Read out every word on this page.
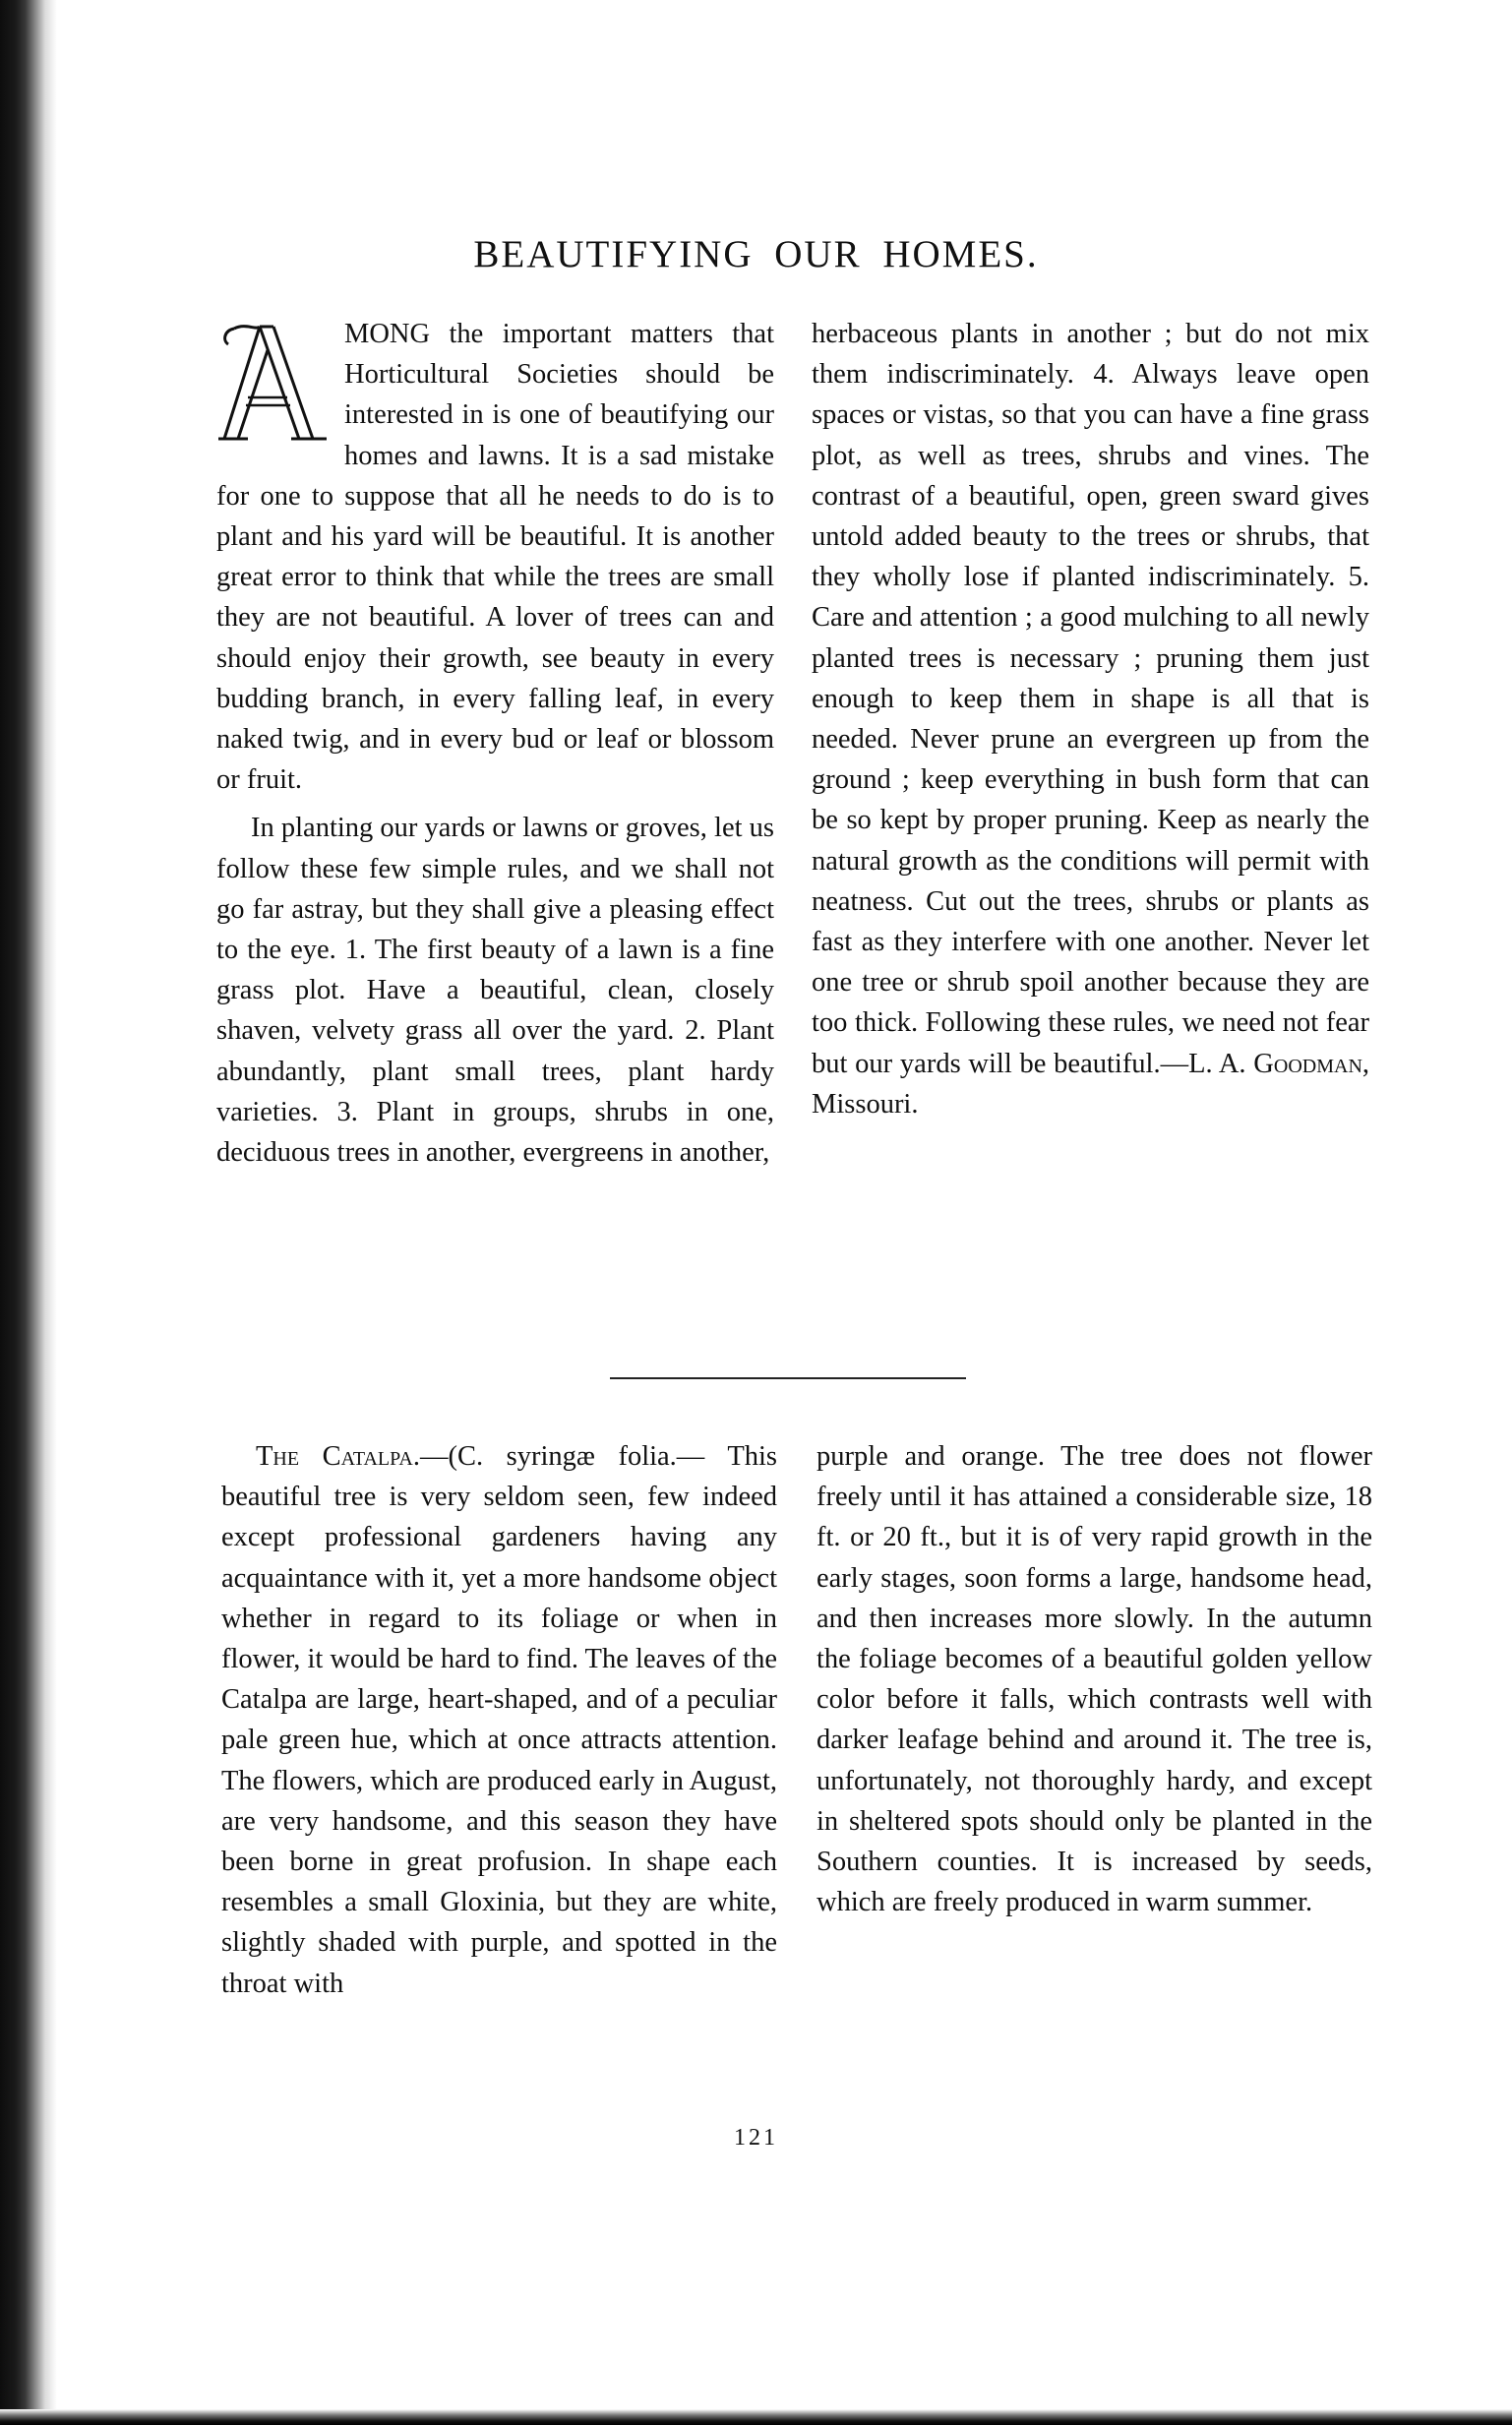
BEAUTIFYING OUR HOMES.

A	MONG the important matters that Horticultural Societies should be interested in is one of beautifying our homes and lawns. It is a sad mistake for one to suppose that all he needs to do is to plant and his yard will be beautiful. It is another great error to think that while the trees are small they are not beautiful. A lover of trees can and should enjoy their growth, see beauty in every budding branch, in every falling leaf, in every naked twig, and in every bud or leaf or blossom or fruit.

In planting our yards or lawns or groves, let us follow these few simple rules, and we shall not go far astray, but they shall give a pleasing effect to the eye. 1. The first beauty of a lawn is a fine grass plot. Have a beautiful, clean, closely shaven, velvety grass all over the yard. 2. Plant abundantly, plant small trees, plant hardy varieties. 3. Plant in groups, shrubs in one, deciduous trees in another, evergreens in another,

herbaceous plants in another ; but do not mix them indiscriminately. 4. Always leave open spaces or vistas, so that you can have a fine grass plot, as well as trees, shrubs and vines. The contrast of a beautiful, open, green sward gives untold added beauty to the trees or shrubs, that they wholly lose if planted indiscriminately. 5. Care and attention ; a good mulching to all newly planted trees is necessary ; pruning them just enough to keep them in shape is all that is needed. Never prune an evergreen up from the ground ; keep everything in bush form that can be so kept by proper pruning. Keep as nearly the natural growth as the conditions will permit with neatness. Cut out the trees, shrubs or plants as fast as they interfere with one another. Never let one tree or shrub spoil another because they are too thick. Following these rules, we need not fear but our yards will be beautiful.—L. A. Goodman, Missouri.

The Catalpa.—(C. syringæ folia.— This beautiful tree is very seldom seen, few indeed except professional gardeners having any acquaintance with it, yet a more handsome object whether in regard to its foliage or when in flower, it would be hard to find. The leaves of the Catalpa are large, heart-shaped, and of a peculiar pale green hue, which at once attracts attention. The flowers, which are produced early in August, are very handsome, and this season they have been borne in great profusion. In shape each resembles a small Gloxinia, but they are white, slightly shaded with purple, and spotted in the throat with

purple and orange. The tree does not flower freely until it has attained a considerable size, 18 ft. or 20 ft., but it is of very rapid growth in the early stages, soon forms a large, handsome head, and then increases more slowly. In the autumn the foliage becomes of a beautiful golden yellow color before it falls, which contrasts well with darker leafage behind and around it. The tree is, unfortunately, not thoroughly hardy, and except in sheltered spots should only be planted in the Southern counties. It is increased by seeds, which are freely produced in warm summer.

121
